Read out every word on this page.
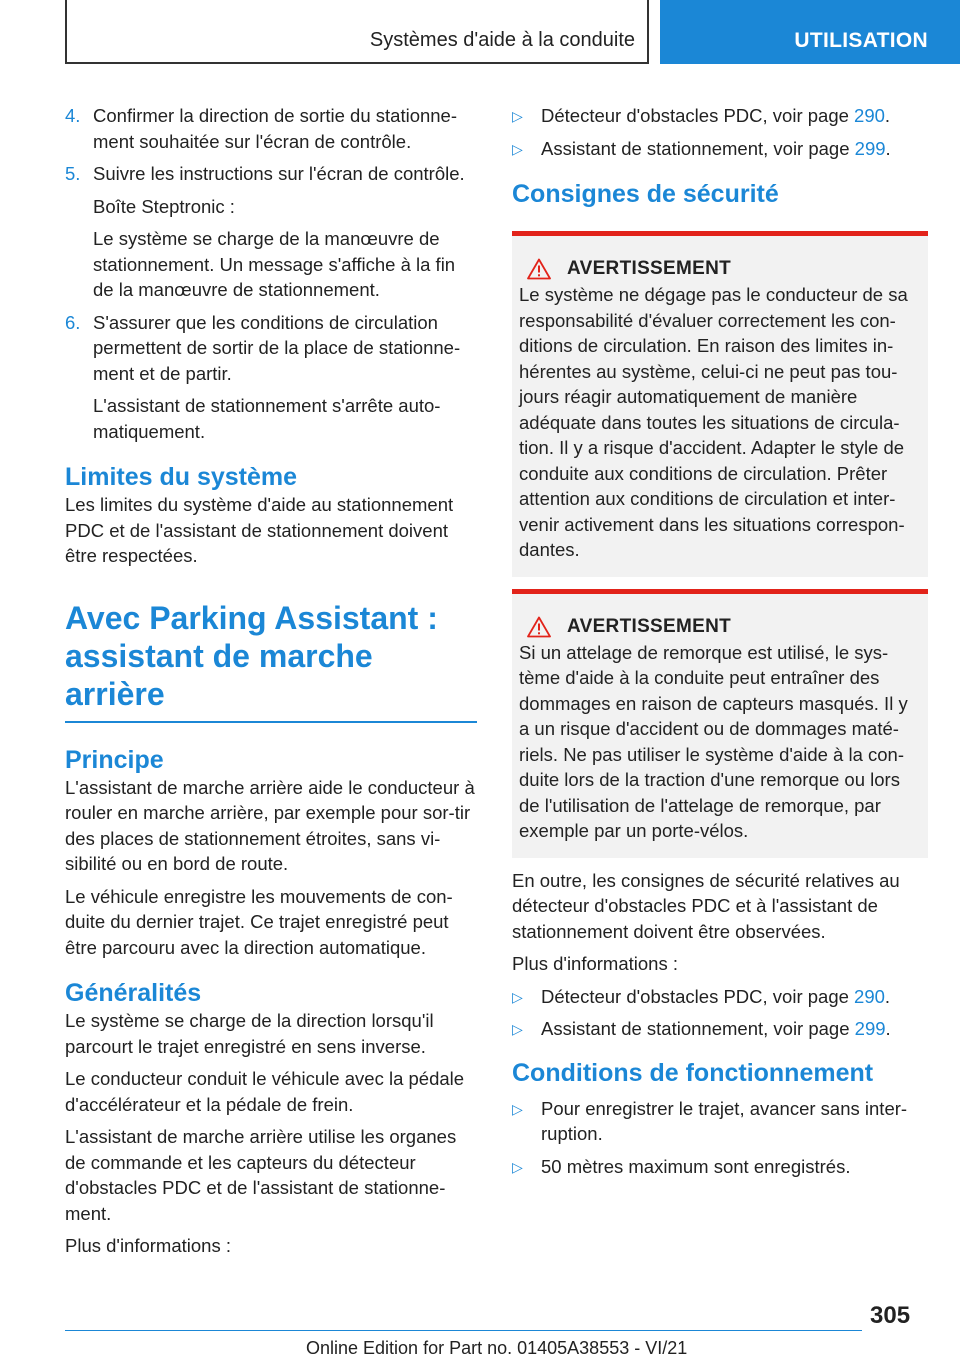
Systèmes d'aide à la conduite	UTILISATION
4. Confirmer la direction de sortie du stationne‐ment souhaitée sur l'écran de contrôle.
5. Suivre les instructions sur l'écran de contrôle.

Boîte Steptronic :

Le système se charge de la manœuvre de stationnement. Un message s'affiche à la fin de la manœuvre de stationnement.

6. S'assurer que les conditions de circulation permettent de sortir de la place de stationne‐ment et de partir.

L'assistant de stationnement s'arrête auto‐matiquement.

Limites du système

Les limites du système d'aide au stationnement PDC et de l'assistant de stationnement doivent être respectées.

Avec Parking Assistant : assistant de marche arrière
Principe

L'assistant de marche arrière aide le conducteur à rouler en marche arrière, par exemple pour sor‐tir des places de stationnement étroites, sans vi‐sibilité ou en bord de route.

Le véhicule enregistre les mouvements de con‐duite du dernier trajet. Ce trajet enregistré peut être parcouru avec la direction automatique.

Généralités

Le système se charge de la direction lorsqu'il parcourt le trajet enregistré en sens inverse.

Le conducteur conduit le véhicule avec la pédale d'accélérateur et la pédale de frein.

L'assistant de marche arrière utilise les organes de commande et les capteurs du détecteur d'obstacles PDC et de l'assistant de stationne‐ment.

Plus d'informations :

▷ Détecteur d'obstacles PDC, voir page 290.
▷ Assistant de stationnement, voir page 299.
Consignes de sécurité
AVERTISSEMENT

Le système ne dégage pas le conducteur de sa responsabilité d'évaluer correctement les con‐ditions de circulation. En raison des limites in‐hérentes au système, celui-ci ne peut pas tou‐jours réagir automatiquement de manière adéquate dans toutes les situations de circula‐tion. Il y a risque d'accident. Adapter le style de conduite aux conditions de circulation. Prêter attention aux conditions de circulation et inter‐venir activement dans les situations correspon‐dantes.

AVERTISSEMENT

Si un attelage de remorque est utilisé, le sys‐tème d'aide à la conduite peut entraîner des dommages en raison de capteurs masqués. Il y a un risque d'accident ou de dommages maté‐riels. Ne pas utiliser le système d'aide à la con‐duite lors de la traction d'une remorque ou lors de l'utilisation de l'attelage de remorque, par exemple par un porte-vélos.

En outre, les consignes de sécurité relatives au détecteur d'obstacles PDC et à l'assistant de stationnement doivent être observées.

Plus d'informations :

▷ Détecteur d'obstacles PDC, voir page 290.
▷ Assistant de stationnement, voir page 299.
Conditions de fonctionnement
▷ Pour enregistrer le trajet, avancer sans inter‐ruption.
▷ 50 mètres maximum sont enregistrés.
305
Online Edition for Part no. 01405A38553 - VI/21
